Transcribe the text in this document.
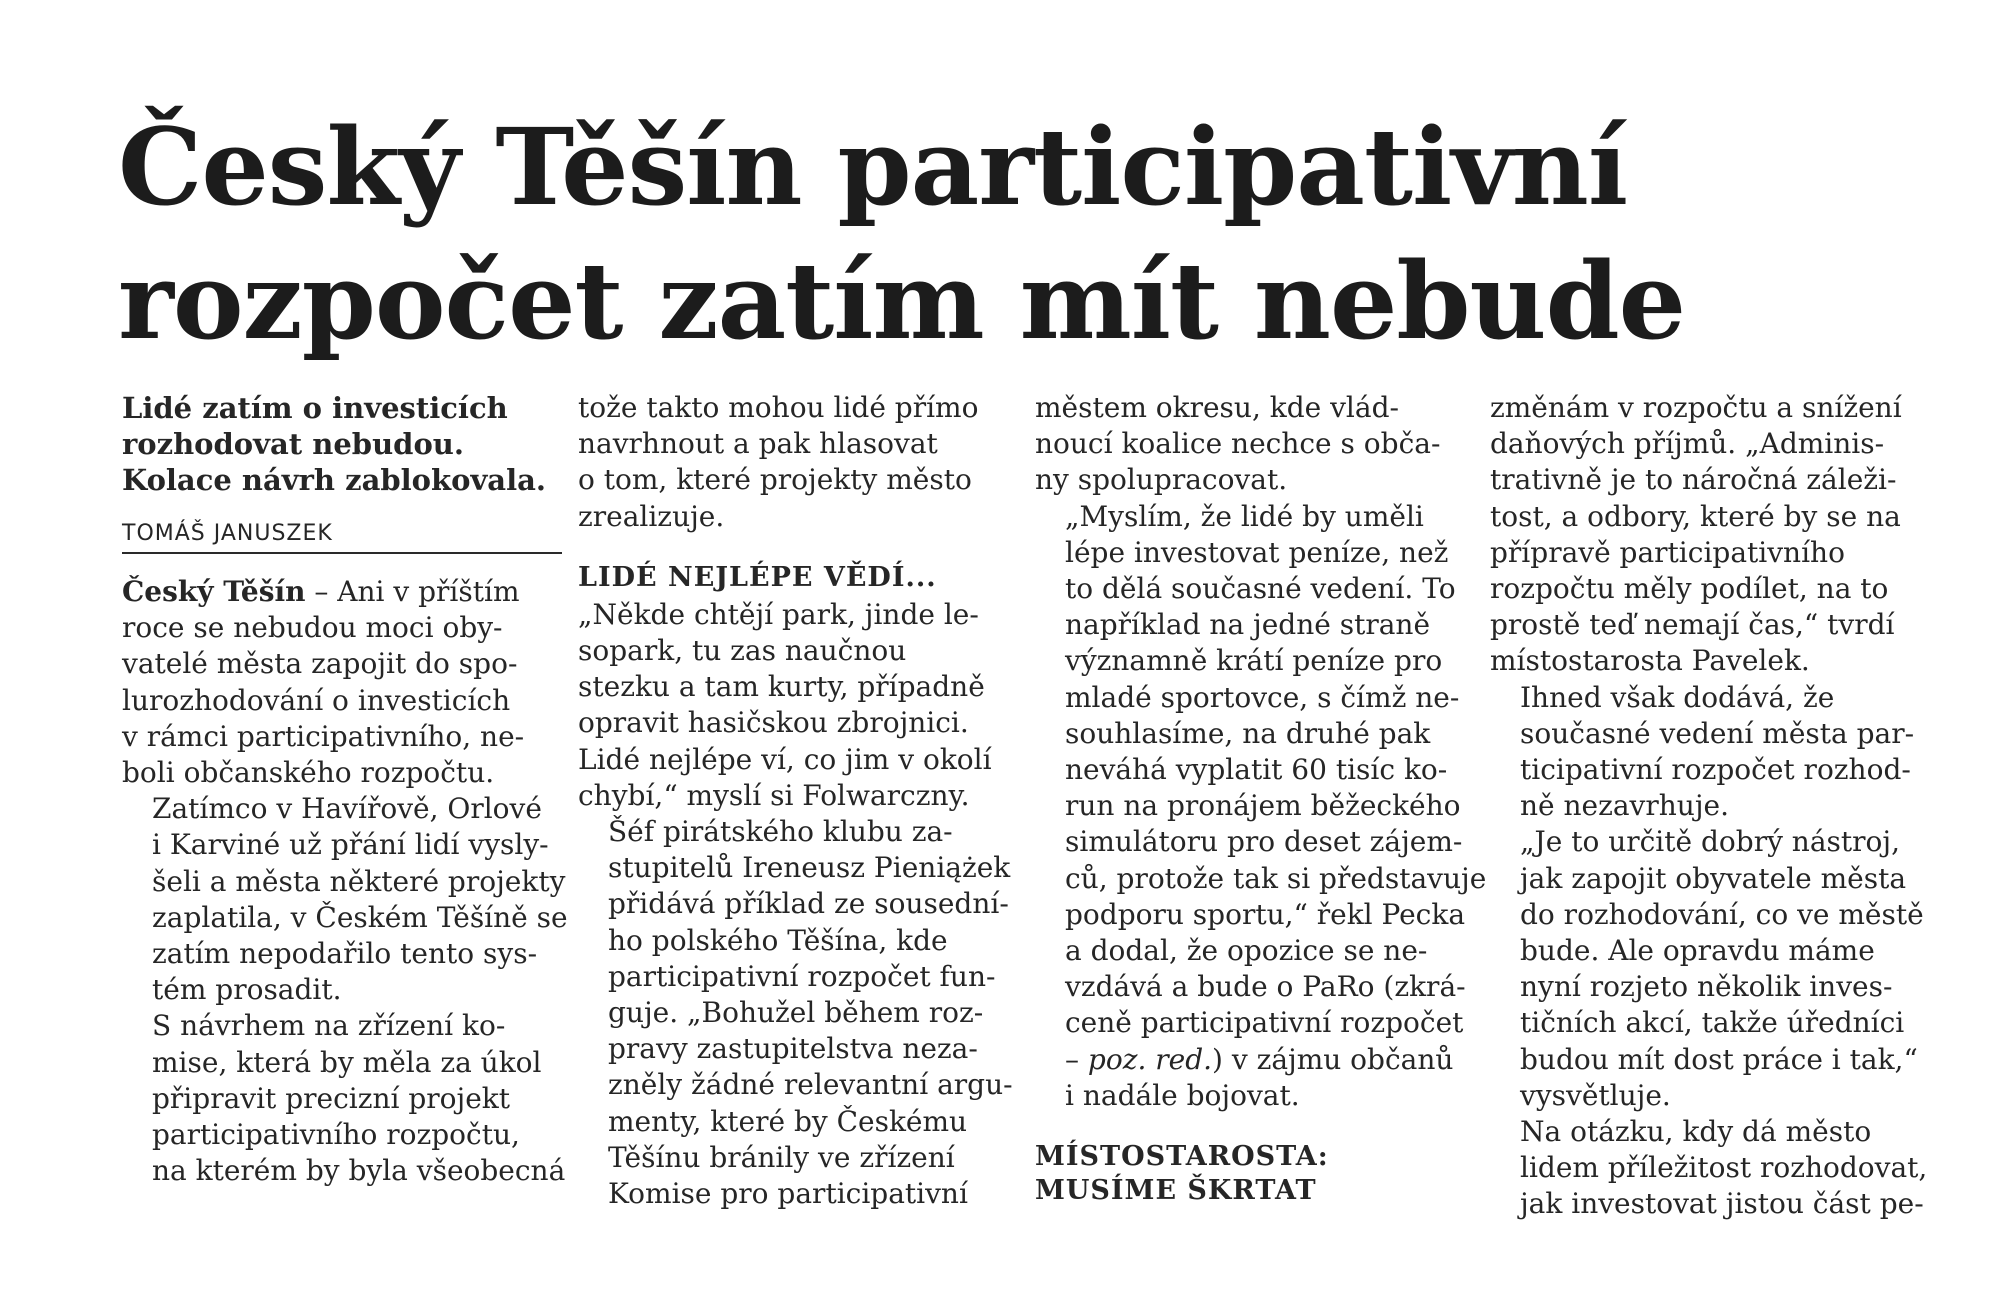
Český Těšín participativní
rozpočet zatím mít nebude

Lidé zatím o investicích
rozhodovat nebudou.
Kolace návrh zablokovala.

TOMÁŠ JANUSZEK

Český Těšín – Ani v příštím
roce se nebudou moci oby-
vatelé města zapojit do spo-
lurozhodování o investicích
v rámci participativního, ne-
boli občanského rozpočtu.

Zatímco v Havířově, Orlové
i Karviné už přání lidí vysly-
šeli a města některé projekty
zaplatila, v Českém Těšíně se
zatím nepodařilo tento sys-
tém prosadit.

S návrhem na zřízení ko-
mise, která by měla za úkol
připravit precizní projekt
participativního rozpočtu,
na kterém by byla všeobecná

tože takto mohou lidé přímo
navrhnout a pak hlasovat
o tom, které projekty město
zrealizuje.

LIDÉ NEJLÉPE VĚDÍ...

„Někde chtějí park, jinde le-
sopark, tu zas naučnou
stezku a tam kurty, případně
opravit hasičskou zbrojnici.
Lidé nejlépe ví, co jim v okolí
chybí,“ myslí si Folwarczny.

Šéf pirátského klubu za-
stupitelů Ireneusz Pieniążek
přidává příklad ze sousední-
ho polského Těšína, kde
participativní rozpočet fun-
guje. „Bohužel během roz-
pravy zastupitelstva neza-
zněly žádné relevantní argu-
menty, které by Českému
Těšínu bránily ve zřízení
Komise pro participativní

městem okresu, kde vlád-
noucí koalice nechce s obča-
ny spolupracovat.

„Myslím, že lidé by uměli
lépe investovat peníze, než
to dělá současné vedení. To
například na jedné straně
významně krátí peníze pro
mladé sportovce, s čímž ne-
souhlasíme, na druhé pak
neváhá vyplatit 60 tisíc ko-
run na pronájem běžeckého
simulátoru pro deset zájem-
ců, protože tak si představuje
podporu sportu,“ řekl Pecka
a dodal, že opozice se ne-
vzdává a bude o PaRo (zkrá-
ceně participativní rozpočet
– poz. red.) v zájmu občanů
i nadále bojovat.

MÍSTOSTAROSTA:
MUSÍME ŠKRTAT

změnám v rozpočtu a snížení
daňových příjmů. „Adminis-
trativně je to náročná záleži-
tost, a odbory, které by se na
přípravě participativního
rozpočtu měly podílet, na to
prostě teď nemají čas,“ tvrdí
místostarosta Pavelek.

Ihned však dodává, že
současné vedení města par-
ticipativní rozpočet rozhod-
ně nezavrhuje.

„Je to určitě dobrý nástroj,
jak zapojit obyvatele města
do rozhodování, co ve městě
bude. Ale opravdu máme
nyní rozjeto několik inves-
tičních akcí, takže úředníci
budou mít dost práce i tak,“
vysvětluje.

Na otázku, kdy dá město
lidem příležitost rozhodovat,
jak investovat jistou část pe-
